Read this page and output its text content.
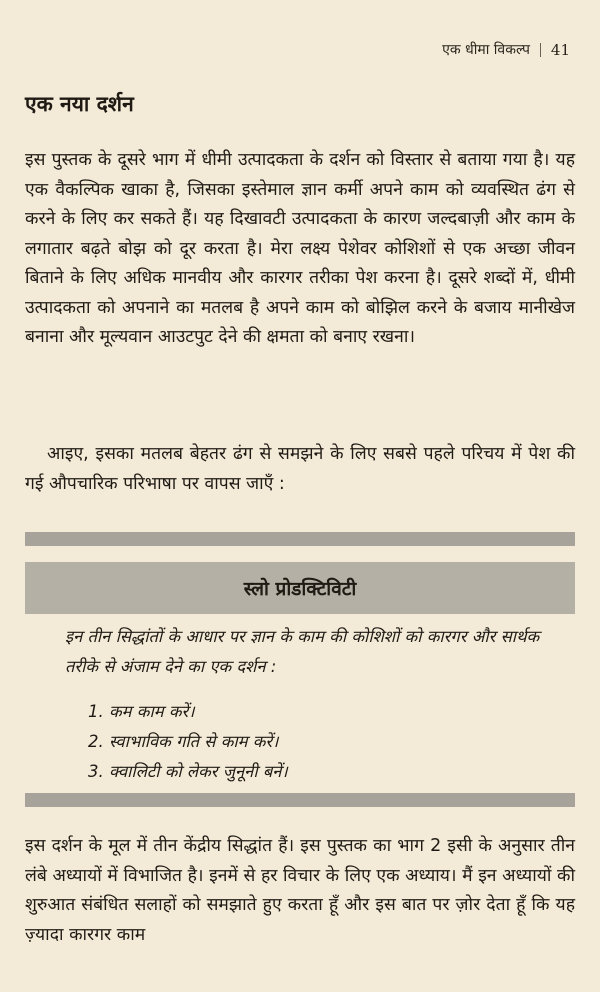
एक धीमा विकल्प 41
एक नया दर्शन

इस पुस्तक के दूसरे भाग में धीमी उत्पादकता के दर्शन को विस्तार से बताया गया है। यह एक वैकल्पिक खाका है, जिसका इस्तेमाल ज्ञान कर्मी अपने काम को व्यवस्थित ढंग से करने के लिए कर सकते हैं। यह दिखावटी उत्पादकता के कारण जल्दबाज़ी और काम के लगातार बढ़ते बोझ को दूर करता है। मेरा लक्ष्य पेशेवर कोशिशों से एक अच्छा जीवन बिताने के लिए अधिक मानवीय और कारगर तरीका पेश करना है। दूसरे शब्दों में, धीमी उत्पादकता को अपनाने का मतलब है अपने काम को बोझिल करने के बजाय मानीखेज बनाना और मूल्यवान आउटपुट देने की क्षमता को बनाए रखना।

आइए, इसका मतलब बेहतर ढंग से समझने के लिए सबसे पहले परिचय में पेश की गई औपचारिक परिभाषा पर वापस जाएँ :

स्लो प्रोडक्टिविटी

इन तीन सिद्धांतों के आधार पर ज्ञान के काम की कोशिशों को कारगर और सार्थक तरीके से अंजाम देने का एक दर्शन :

1. कम काम करें।
2. स्वाभाविक गति से काम करें।
3. क्वालिटी को लेकर जुनूनी बनें।

इस दर्शन के मूल में तीन केंद्रीय सिद्धांत हैं। इस पुस्तक का भाग 2 इसी के अनुसार तीन लंबे अध्यायों में विभाजित है। इनमें से हर विचार के लिए एक अध्याय। मैं इन अध्यायों की शुरुआत संबंधित सलाहों को समझाते हुए करता हूँ और इस बात पर ज़ोर देता हूँ कि यह ज़्यादा कारगर काम
